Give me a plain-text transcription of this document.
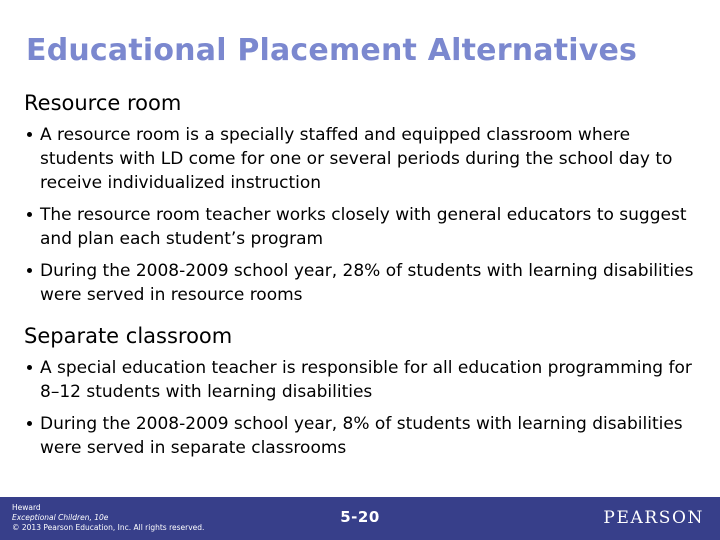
Educational Placement Alternatives
Resource room
A resource room is a specially staffed and equipped classroom where students with LD come for one or several periods during the school day to receive individualized instruction
The resource room teacher works closely with general educators to suggest and plan each student’s program
During the 2008-2009 school year, 28% of students with learning disabilities were served in resource rooms
Separate classroom
A special education teacher is responsible for all education programming for 8–12 students with learning disabilities
During the 2008-2009 school year, 8% of students with learning disabilities were served in separate classrooms
Heward
Exceptional Children, 10e
© 2013 Pearson Education, Inc. All rights reserved.
5-20	PEARSON
